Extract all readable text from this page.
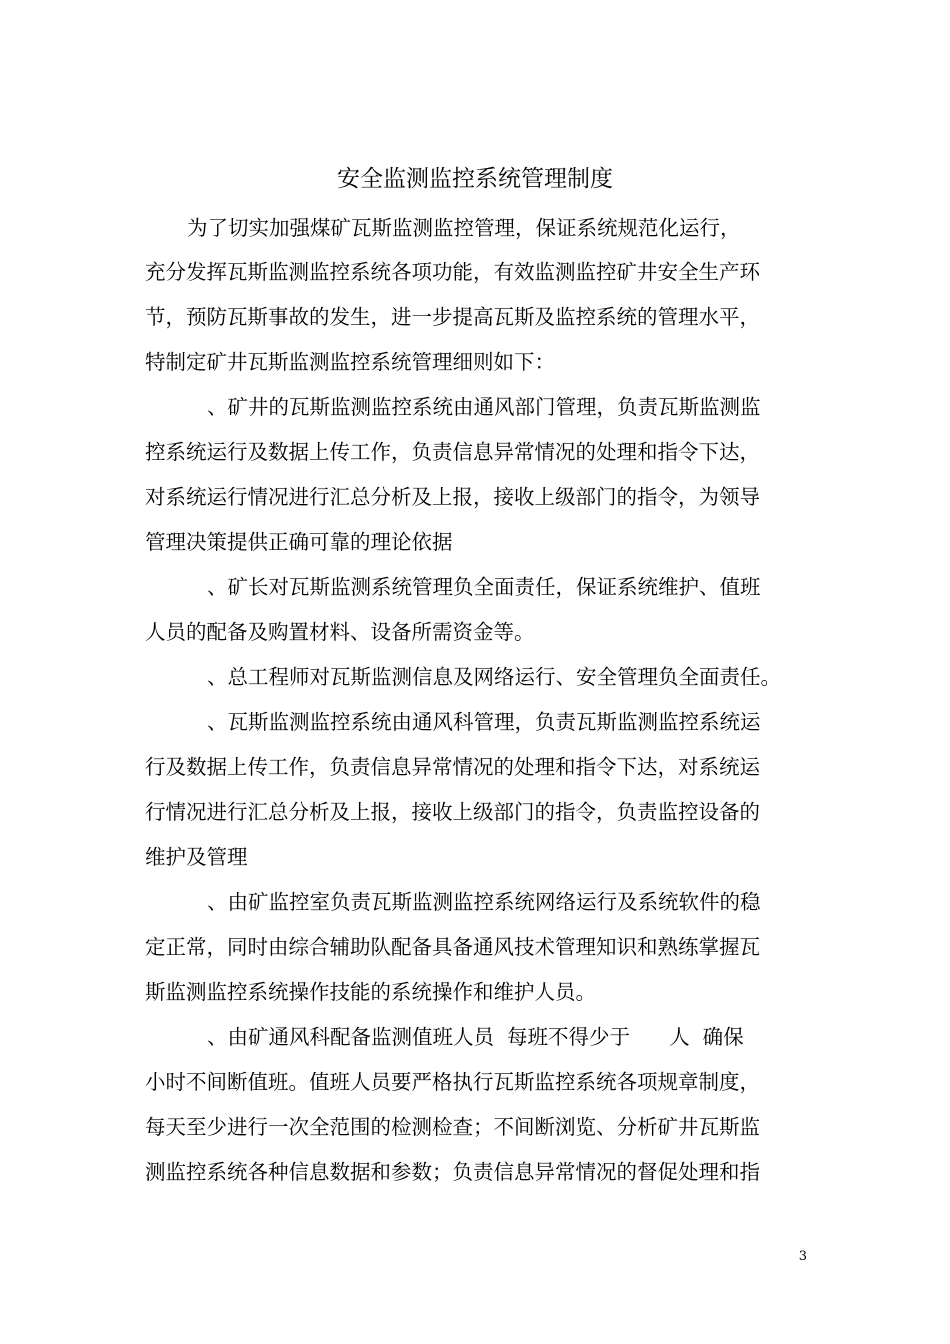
安全监测监控系统管理制度
为了切实加强煤矿瓦斯监测监控管理，保证系统规范化运行，
充分发挥瓦斯监测监控系统各项功能，有效监测监控矿井安全生产环
节，预防瓦斯事故的发生，进一步提高瓦斯及监控系统的管理水平，
特制定矿井瓦斯监测监控系统管理细则如下：
、矿井的瓦斯监测监控系统由通风部门管理，负责瓦斯监测监
控系统运行及数据上传工作，负责信息异常情况的处理和指令下达，
对系统运行情况进行汇总分析及上报，接收上级部门的指令，为领导
管理决策提供正确可靠的理论依据
、矿长对瓦斯监测系统管理负全面责任，保证系统维护、值班
人员的配备及购置材料、设备所需资金等。
、总工程师对瓦斯监测信息及网络运行、安全管理负全面责任。
、瓦斯监测监控系统由通风科管理，负责瓦斯监测监控系统运
行及数据上传工作，负责信息异常情况的处理和指令下达，对系统运
行情况进行汇总分析及上报，接收上级部门的指令，负责监控设备的
维护及管理
、由矿监控室负责瓦斯监测监控系统网络运行及系统软件的稳
定正常，同时由综合辅助队配备具备通风技术管理知识和熟练掌握瓦
斯监测监控系统操作技能的系统操作和维护人员。
、由矿通风科配备监测值班人员  每班不得少于      人  确保
小时不间断值班。值班人员要严格执行瓦斯监控系统各项规章制度，
每天至少进行一次全范围的检测检查；不间断浏览、分析矿井瓦斯监
测监控系统各种信息数据和参数；负责信息异常情况的督促处理和指
3
